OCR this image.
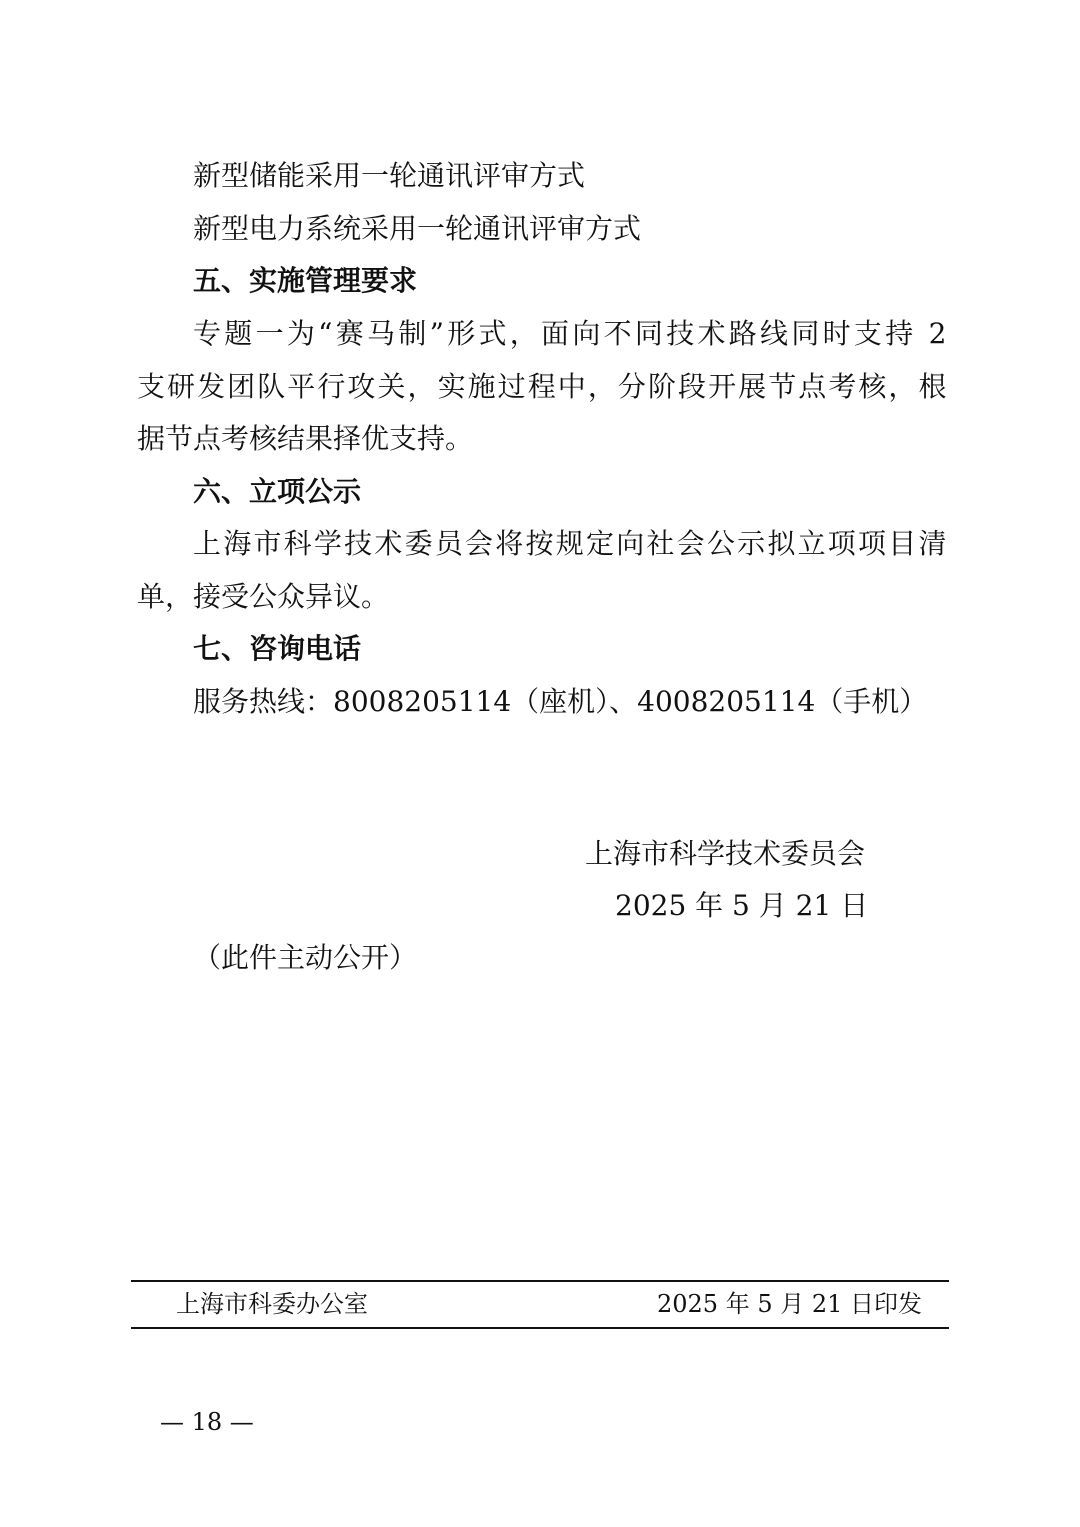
新型储能采用一轮通讯评审方式
新型电力系统采用一轮通讯评审方式
五、实施管理要求
专题一为“赛马制”形式，面向不同技术路线同时支持 2
支研发团队平行攻关，实施过程中，分阶段开展节点考核，根
据节点考核结果择优支持。
六、立项公示
上海市科学技术委员会将按规定向社会公示拟立项项目清
单，接受公众异议。
七、咨询电话
服务热线：8008205114（座机）、4008205114（手机）
上海市科学技术委员会
2025 年 5 月 21 日
（此件主动公开）
上海市科委办公室	2025 年 5 月 21 日印发
— 18 —
